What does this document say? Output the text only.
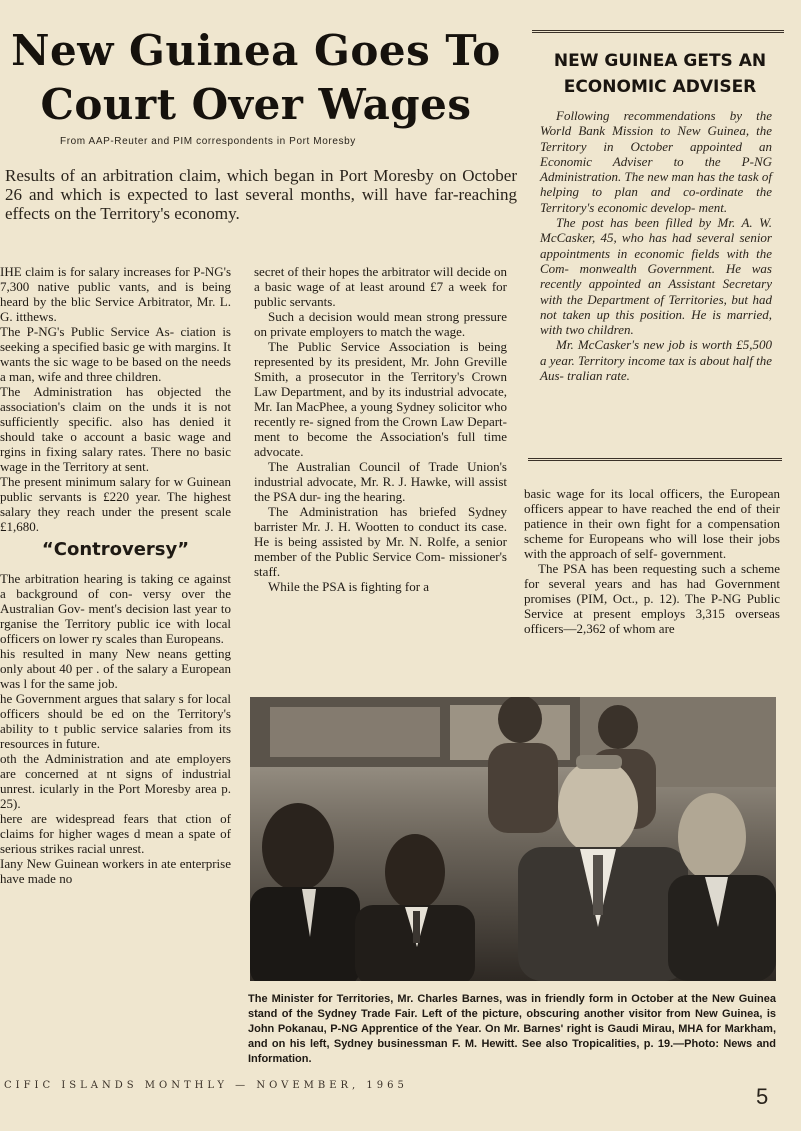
New Guinea Goes To Court Over Wages
From AAP-Reuter and PIM correspondents in Port Moresby
Results of an arbitration claim, which began in Port Moresby on October 26 and which is expected to last several months, will have far-reaching effects on the Territory's economy.

IHE claim is for salary increases for P-NG's 7,300 native public vants, and is being heard by the blic Service Arbitrator, Mr. L. G. itthews.

The P-NG's Public Service As- ciation is seeking a specified basic ge with margins. It wants the sic wage to be based on the needs a man, wife and three children.

The Administration has objected the association's claim on the unds it is not sufficiently specific. also has denied it should take o account a basic wage and rgins in fixing salary rates. There no basic wage in the Territory at sent.

The present minimum salary for w Guinean public servants is £220 year. The highest salary they reach under the present scale £1,680.

“Controversy”

The arbitration hearing is taking ce against a background of con- versy over the Australian Gov- ment's decision last year to rganise the Territory public ice with local officers on lower ry scales than Europeans.

his resulted in many New neans getting only about 40 per . of the salary a European was l for the same job.

he Government argues that salary s for local officers should be ed on the Territory's ability to t public service salaries from its resources in future.

oth the Administration and ate employers are concerned at nt signs of industrial unrest. icularly in the Port Moresby area p. 25).

here are widespread fears that ction of claims for higher wages d mean a spate of serious strikes racial unrest.

Iany New Guinean workers in ate enterprise have made no

secret of their hopes the arbitrator will decide on a basic wage of at least around £7 a week for public servants.

Such a decision would mean strong pressure on private employers to match the wage.

The Public Service Association is being represented by its president, Mr. John Greville Smith, a prosecutor in the Territory's Crown Law Department, and by its industrial advocate, Mr. Ian MacPhee, a young Sydney solicitor who recently re- signed from the Crown Law Depart- ment to become the Association's full time advocate.

The Australian Council of Trade Union's industrial advocate, Mr. R. J. Hawke, will assist the PSA dur- ing the hearing.

The Administration has briefed Sydney barrister Mr. J. H. Wootten to conduct its case. He is being assisted by Mr. N. Rolfe, a senior member of the Public Service Com- missioner's staff.

While the PSA is fighting for a

NEW GUINEA GETS AN ECONOMIC ADVISER

Following recommendations by the World Bank Mission to New Guinea, the Territory in October appointed an Economic Adviser to the P-NG Administration. The new man has the task of helping to plan and co-ordinate the Territory's economic develop- ment.

The post has been filled by Mr. A. W. McCasker, 45, who has had several senior appointments in economic fields with the Com- monwealth Government. He was recently appointed an Assistant Secretary with the Department of Territories, but had not taken up this position. He is married, with two children.

Mr. McCasker's new job is worth £5,500 a year. Territory income tax is about half the Aus- tralian rate.

basic wage for its local officers, the European officers appear to have reached the end of their patience in their own fight for a compensation scheme for Europeans who will lose their jobs with the approach of self- government.

The PSA has been requesting such a scheme for several years and has had Government promises (PIM, Oct., p. 12). The P-NG Public Service at present employs 3,315 overseas officers—2,362 of whom are

The Minister for Territories, Mr. Charles Barnes, was in friendly form in October at the New Guinea stand of the Sydney Trade Fair. Left of the picture, obscuring another visitor from New Guinea, is John Pokanau, P-NG Apprentice of the Year. On Mr. Barnes' right is Gaudi Mirau, MHA for Markham, and on his left, Sydney businessman F. M. Hewitt. See also Tropicalities, p. 19.—Photo: News and Information.
CIFIC ISLANDS MONTHLY — NOVEMBER, 1965	5
